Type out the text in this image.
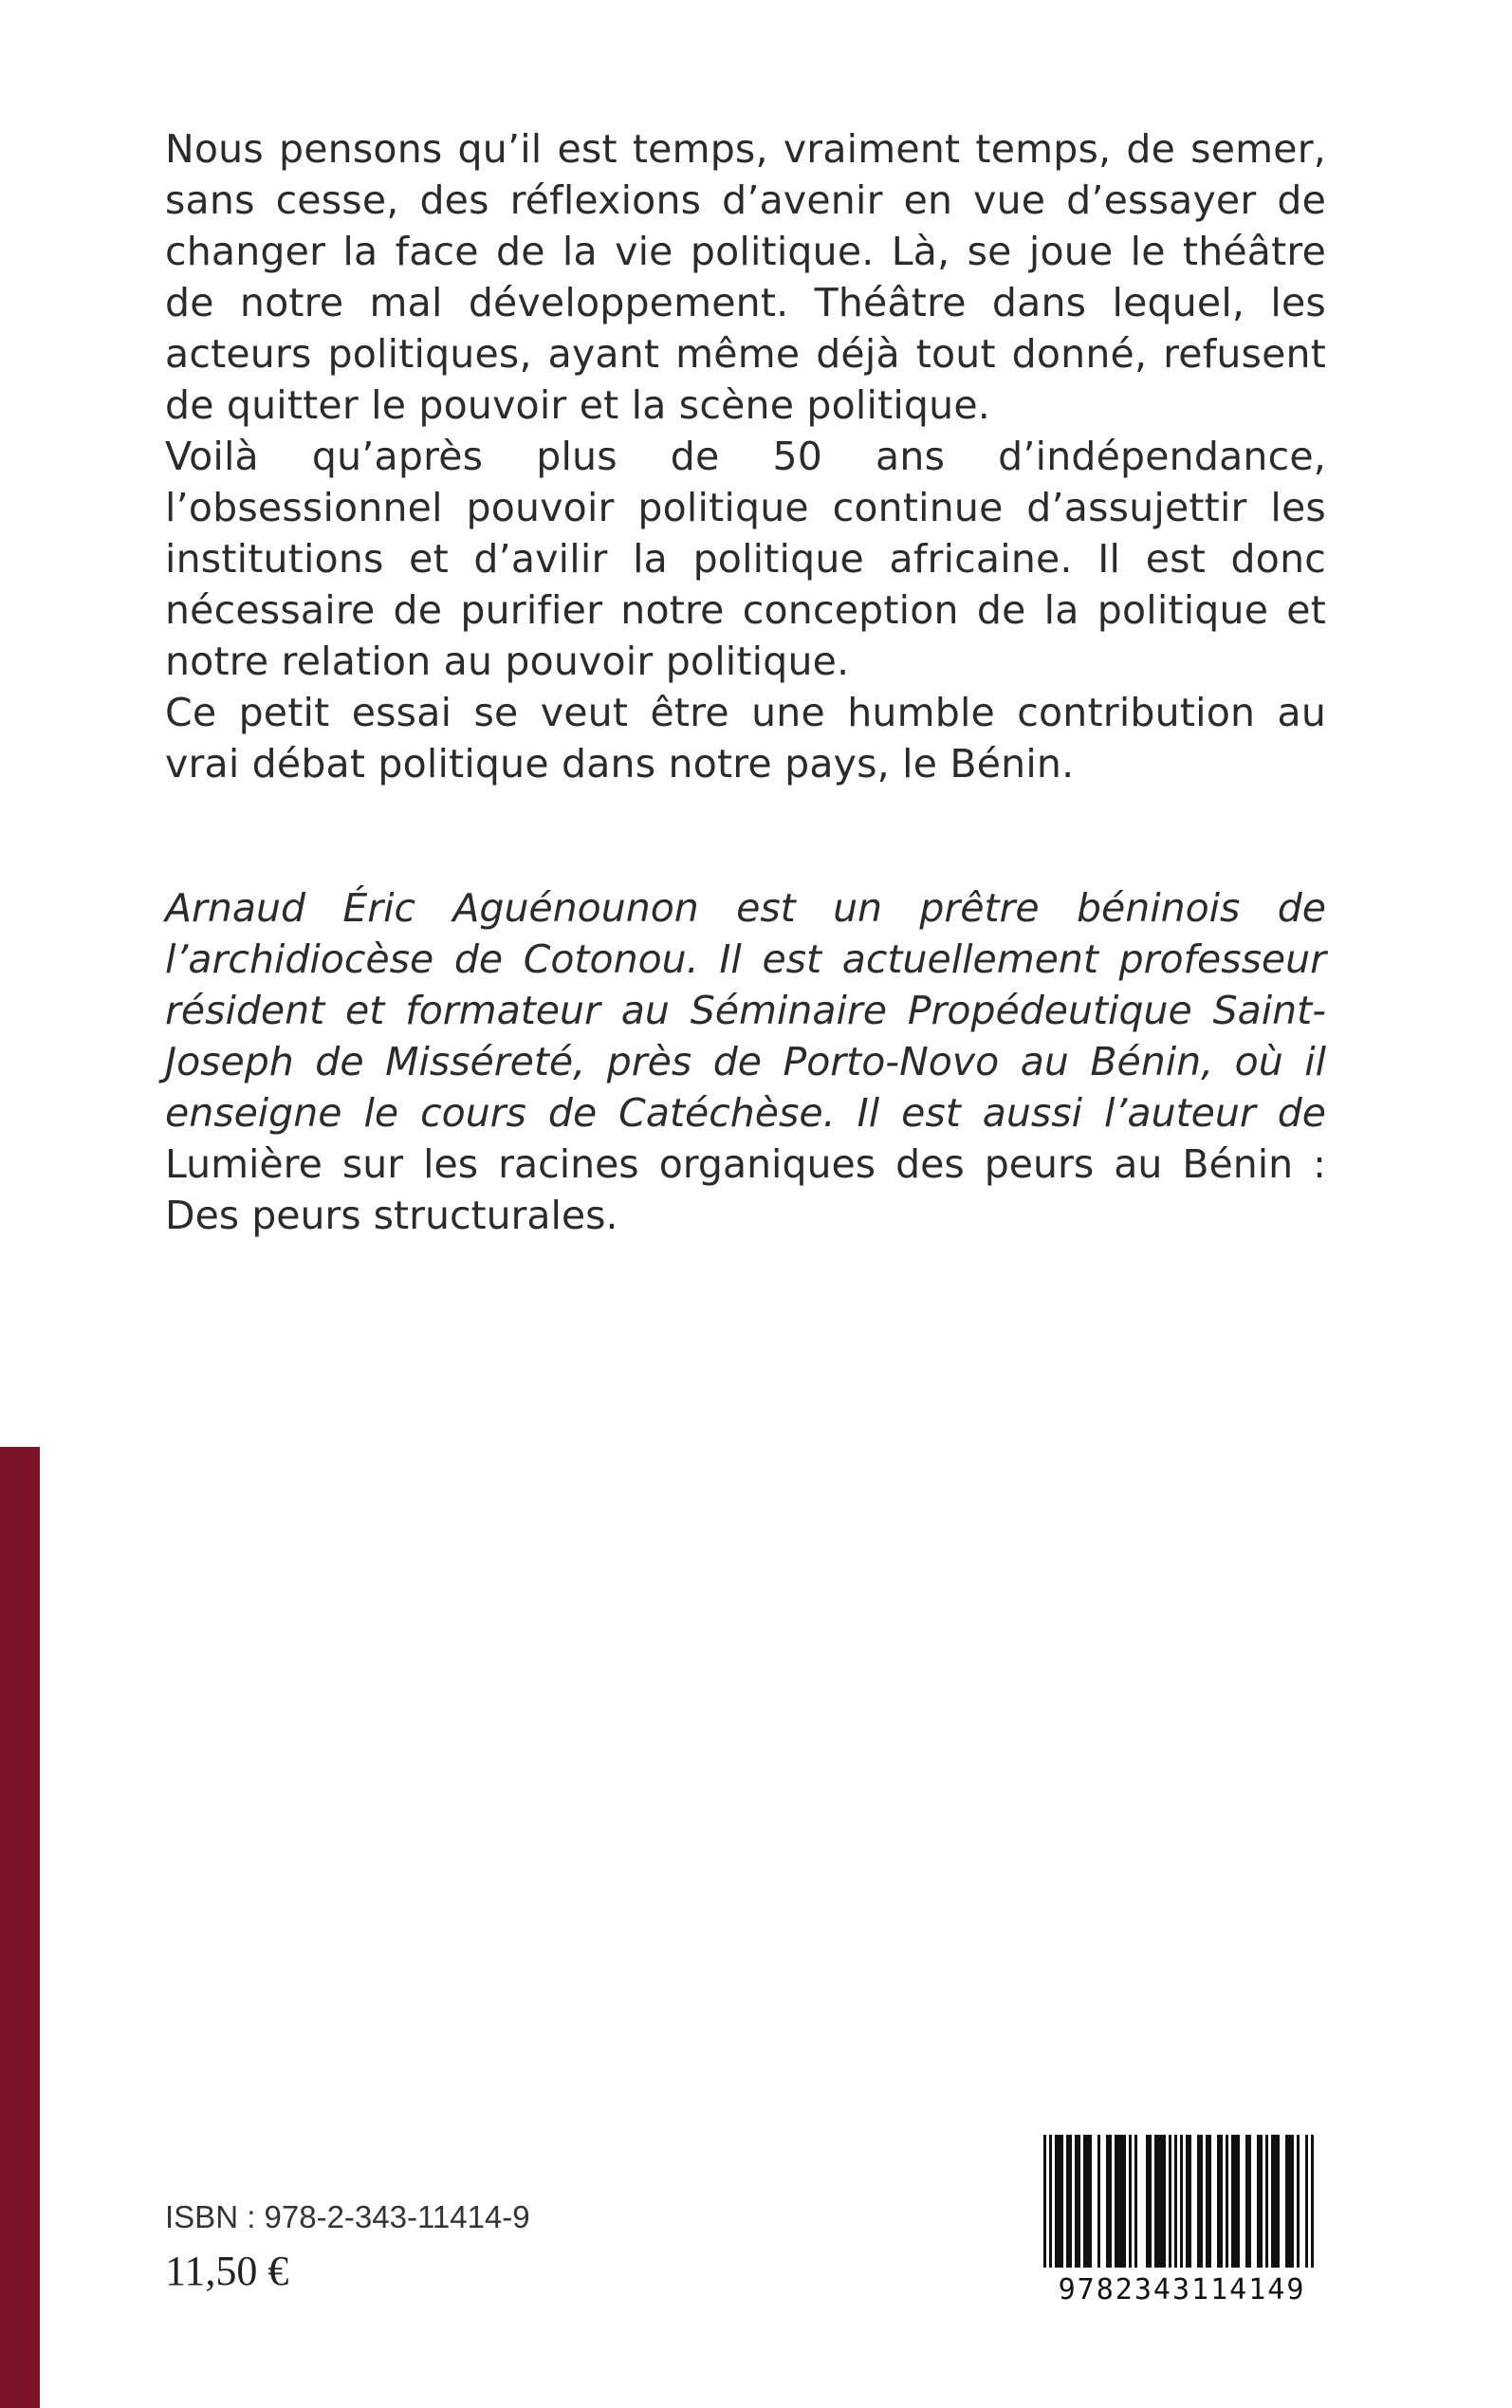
Nous pensons qu’il est temps, vraiment temps, de semer, sans cesse, des réflexions d’avenir en vue d’essayer de changer la face de la vie politique. Là, se joue le théâtre de notre mal développement. Théâtre dans lequel, les acteurs politiques, ayant même déjà tout donné, refusent de quitter le pouvoir et la scène politique.

Voilà qu’après plus de 50 ans d’indépendance, l’obsessionnel pouvoir politique continue d’assujettir les institutions et d’avilir la politique africaine. Il est donc nécessaire de purifier notre conception de la politique et notre relation au pouvoir politique.

Ce petit essai se veut être une humble contribution au vrai débat politique dans notre pays, le Bénin.

Arnaud Éric Aguénounon est un prêtre béninois de l’archidiocèse de Cotonou. Il est actuellement professeur résident et formateur au Séminaire Propédeutique Saint-Joseph de Misséreté, près de Porto-Novo au Bénin, où il enseigne le cours de Catéchèse. Il est aussi l’auteur de Lumière sur les racines organiques des peurs au Bénin : Des peurs structurales.
ISBN : 978-2-343-11414-9
11,50 €	9782343114149
